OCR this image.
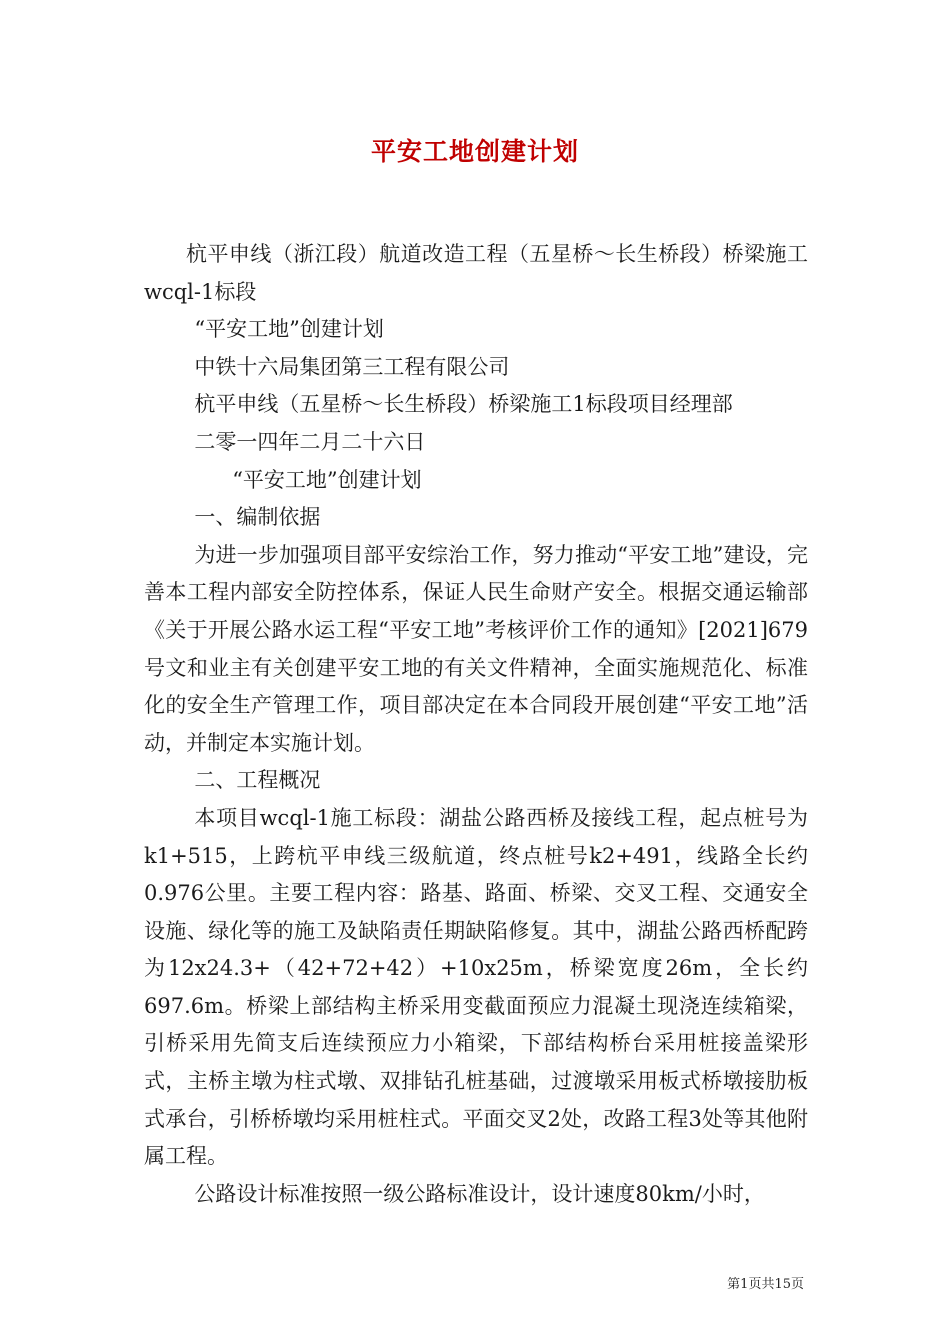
平安工地创建计划

杭平申线（浙江段）航道改造工程（五星桥～长生桥段）桥梁施工wcql-1标段

“平安工地”创建计划

中铁十六局集团第三工程有限公司

杭平申线（五星桥～长生桥段）桥梁施工1标段项目经理部

二零一四年二月二十六日

“平安工地”创建计划

一、编制依据

为进一步加强项目部平安综治工作，努力推动“平安工地”建设，完善本工程内部安全防控体系，保证人民生命财产安全。根据交通运输部《关于开展公路水运工程“平安工地”考核评价工作的通知》[2021]679号文和业主有关创建平安工地的有关文件精神，全面实施规范化、标准化的安全生产管理工作，项目部决定在本合同段开展创建“平安工地”活动，并制定本实施计划。

二、工程概况

本项目wcql-1施工标段：湖盐公路西桥及接线工程，起点桩号为k1+515，上跨杭平申线三级航道，终点桩号k2+491，线路全长约0.976公里。主要工程内容：路基、路面、桥梁、交叉工程、交通安全设施、绿化等的施工及缺陷责任期缺陷修复。其中，湖盐公路西桥配跨为12x24.3+（42+72+42）+10x25m，桥梁宽度26m，全长约697.6m。桥梁上部结构主桥采用变截面预应力混凝土现浇连续箱梁，引桥采用先简支后连续预应力小箱梁，下部结构桥台采用桩接盖梁形式，主桥主墩为柱式墩、双排钻孔桩基础，过渡墩采用板式桥墩接肋板式承台，引桥桥墩均采用桩柱式。平面交叉2处，改路工程3处等其他附属工程。

公路设计标准按照一级公路标准设计，设计速度80km/小时，

第1页共15页
